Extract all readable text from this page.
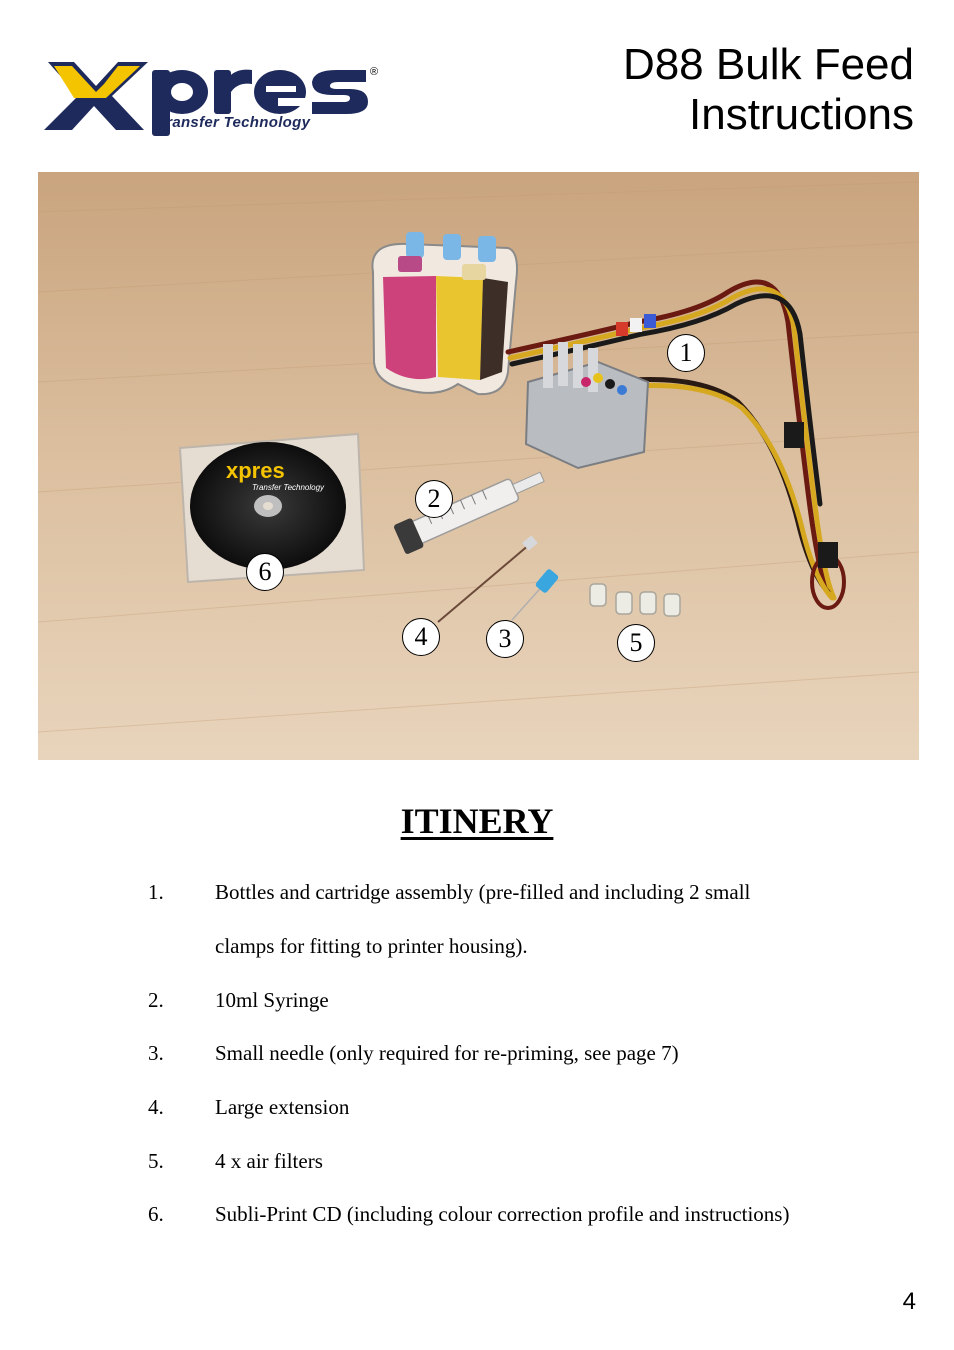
®
Transfer Technology
D88 Bulk Feed
Instructions
xpres
Transfer Technology
1
2
3
4	5
6
ITINERY
1.	Bottles and cartridge assembly (pre-filled and including 2 small
clamps for fitting to printer housing).
2.	10ml Syringe
3.	Small needle (only required for re-priming, see page 7)
4.	Large extension
5.	4 x air filters
6.	Subli-Print CD (including colour correction profile and instructions)
4
